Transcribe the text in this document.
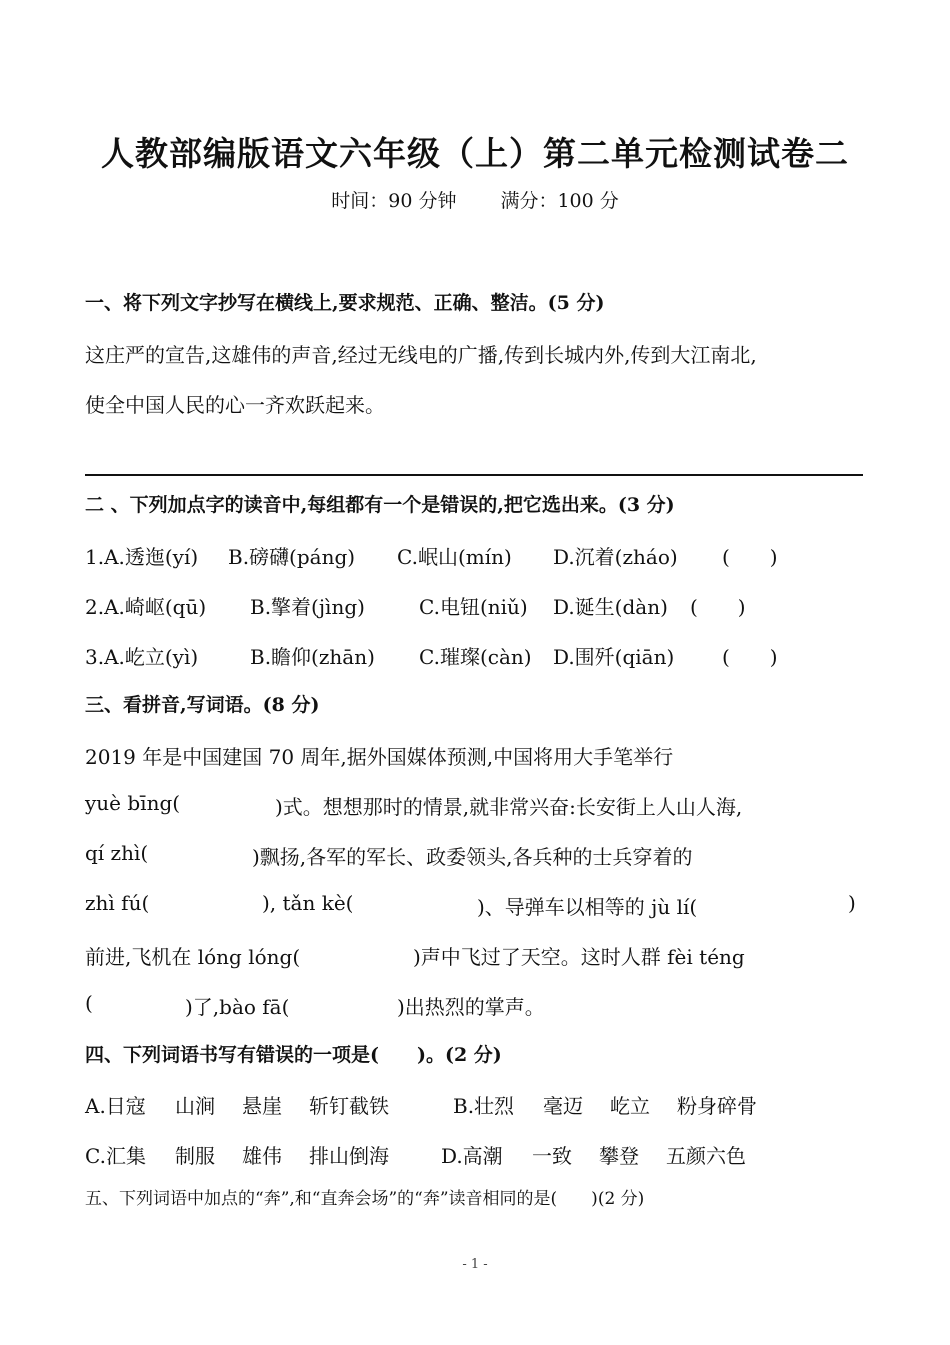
人教部编版语文六年级（上）第二单元检测试卷二
时间：90 分钟 满分：100 分
一、将下列文字抄写在横线上,要求规范、正确、整洁。(5 分)
这庄严的宣告,这雄伟的声音,经过无线电的广播,传到长城内外,传到大江南北,
使全中国人民的心一齐欢跃起来。
二 、下列加点字的读音中,每组都有一个是错误的,把它选出来。(3 分)
1.A.透迤(yí) B.磅礴(páng) C.岷山(mín) D.沉着(zháo) (　　)
2.A.崎岖(qū) B.擎着(jìng)	C.电钮(niǔ) D.诞生(dàn) (　　)
3.A.屹立(yì)	B.瞻仰(zhān) C.璀璨(càn) D.围歼(qiān) (　　)
三、看拼音,写词语。(8 分)
2019 年是中国建国 70 周年,据外国媒体预测,中国将用大手笔举行
yuè bīng(	)式。想想那时的情景,就非常兴奋:长安街上人山人海,
qí zhì(	)飘扬,各军的军长、政委领头,各兵种的士兵穿着的
zhì fú(	), tǎn kè(	)、导弹车以相等的 jù lí(	)
前进,飞机在 lóng lóng(	)声中飞过了天空。这时人群 fèi téng
(	)了,bào fā(	)出热烈的掌声。
四、下列词语书写有错误的一项是(　　)。(2 分)
A.日寇 山涧 悬崖 斩钉截铁	B.壮烈 毫迈 屹立 粉身碎骨
C.汇集 制服 雄伟 排山倒海	D.高潮 一致 攀登 五颜六色
五、下列词语中加点的“奔”,和“直奔会场”的“奔”读音相同的是(　　)(2 分)
- 1 -
